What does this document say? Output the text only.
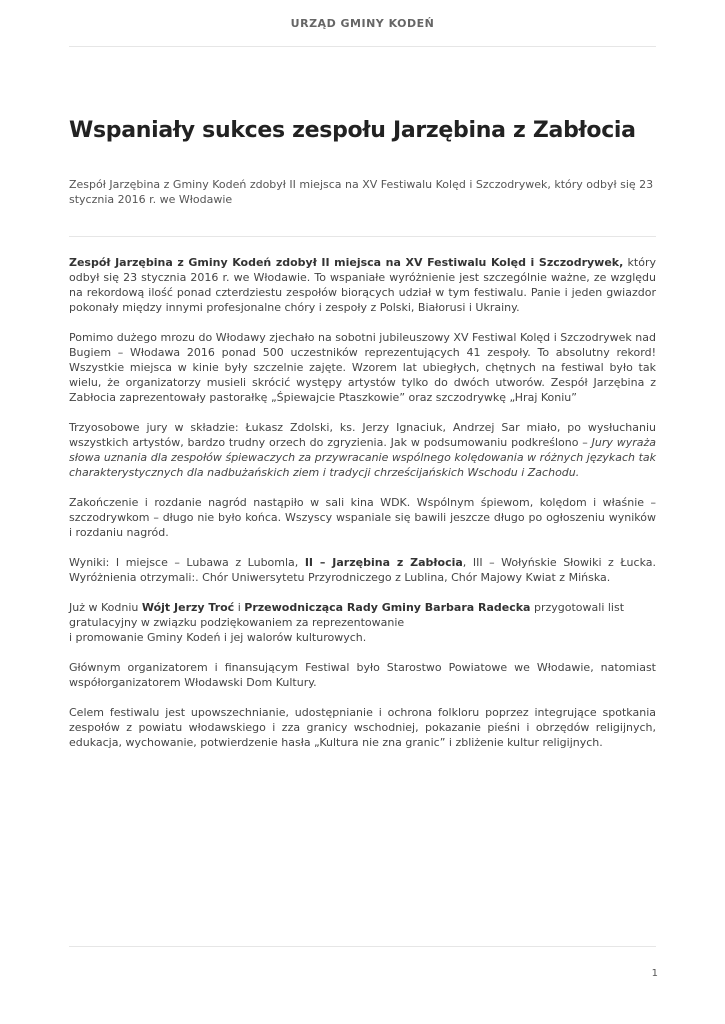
URZĄD GMINY KODEŃ
Wspaniały sukces zespołu Jarzębina z Zabłocia
Zespół Jarzębina z Gminy Kodeń zdobył II miejsca na XV Festiwalu Kolęd i Szczodrywek, który odbył się 23 stycznia 2016 r. we Włodawie

Zespół Jarzębina z Gminy Kodeń zdobył II miejsca na XV Festiwalu Kolęd i Szczodrywek, który odbył się 23 stycznia 2016 r. we Włodawie. To wspaniałe wyróżnienie jest szczególnie ważne, ze względu na rekordową ilość ponad czterdziestu zespołów biorących udział w tym festiwalu. Panie i jeden gwiazdor pokonały między innymi profesjonalne chóry i zespoły z Polski, Białorusi i Ukrainy.

Pomimo dużego mrozu do Włodawy zjechało na sobotni jubileuszowy XV Festiwal Kolęd i Szczodrywek nad Bugiem – Włodawa 2016 ponad 500 uczestników reprezentujących 41 zespoły. To absolutny rekord! Wszystkie miejsca w kinie były szczelnie zajęte. Wzorem lat ubiegłych, chętnych na festiwal było tak wielu, że organizatorzy musieli skrócić występy artystów tylko do dwóch utworów. Zespół Jarzębina z Zabłocia zaprezentowały pastorałkę „Śpiewajcie Ptaszkowie” oraz szczodrywkę „Hraj Koniu”

Trzyosobowe jury w składzie: Łukasz Zdolski, ks. Jerzy Ignaciuk, Andrzej Sar miało, po wysłuchaniu wszystkich artystów, bardzo trudny orzech do zgryzienia. Jak w podsumowaniu podkreślono – Jury wyraża słowa uznania dla zespołów śpiewaczych za przywracanie wspólnego kolędowania w różnych językach tak charakterystycznych dla nadbużańskich ziem i tradycji chrześcijańskich Wschodu i Zachodu.

Zakończenie i rozdanie nagród nastąpiło w sali kina WDK. Wspólnym śpiewom, kolędom i właśnie – szczodrywkom – długo nie było końca. Wszyscy wspaniale się bawili jeszcze długo po ogłoszeniu wyników i rozdaniu nagród.

Wyniki: I miejsce – Lubawa z Lubomla, II – Jarzębina z Zabłocia, III – Wołyńskie Słowiki z Łucka. Wyróżnienia otrzymali:. Chór Uniwersytetu Przyrodniczego z Lublina, Chór Majowy Kwiat z Mińska.

Już w Kodniu Wójt Jerzy Troć i Przewodnicząca Rady Gminy Barbara Radecka przygotowali list gratulacyjny w związku podziękowaniem za reprezentowanie
i promowanie Gminy Kodeń i jej walorów kulturowych.

Głównym organizatorem i finansującym Festiwal było Starostwo Powiatowe we Włodawie, natomiast współorganizatorem Włodawski Dom Kultury.

Celem festiwalu jest upowszechnianie, udostępnianie i ochrona folkloru poprzez integrujące spotkania zespołów z powiatu włodawskiego i zza granicy wschodniej, pokazanie pieśni i obrzędów religijnych, edukacja, wychowanie, potwierdzenie hasła „Kultura nie zna granic” i zbliżenie kultur religijnych.

1
